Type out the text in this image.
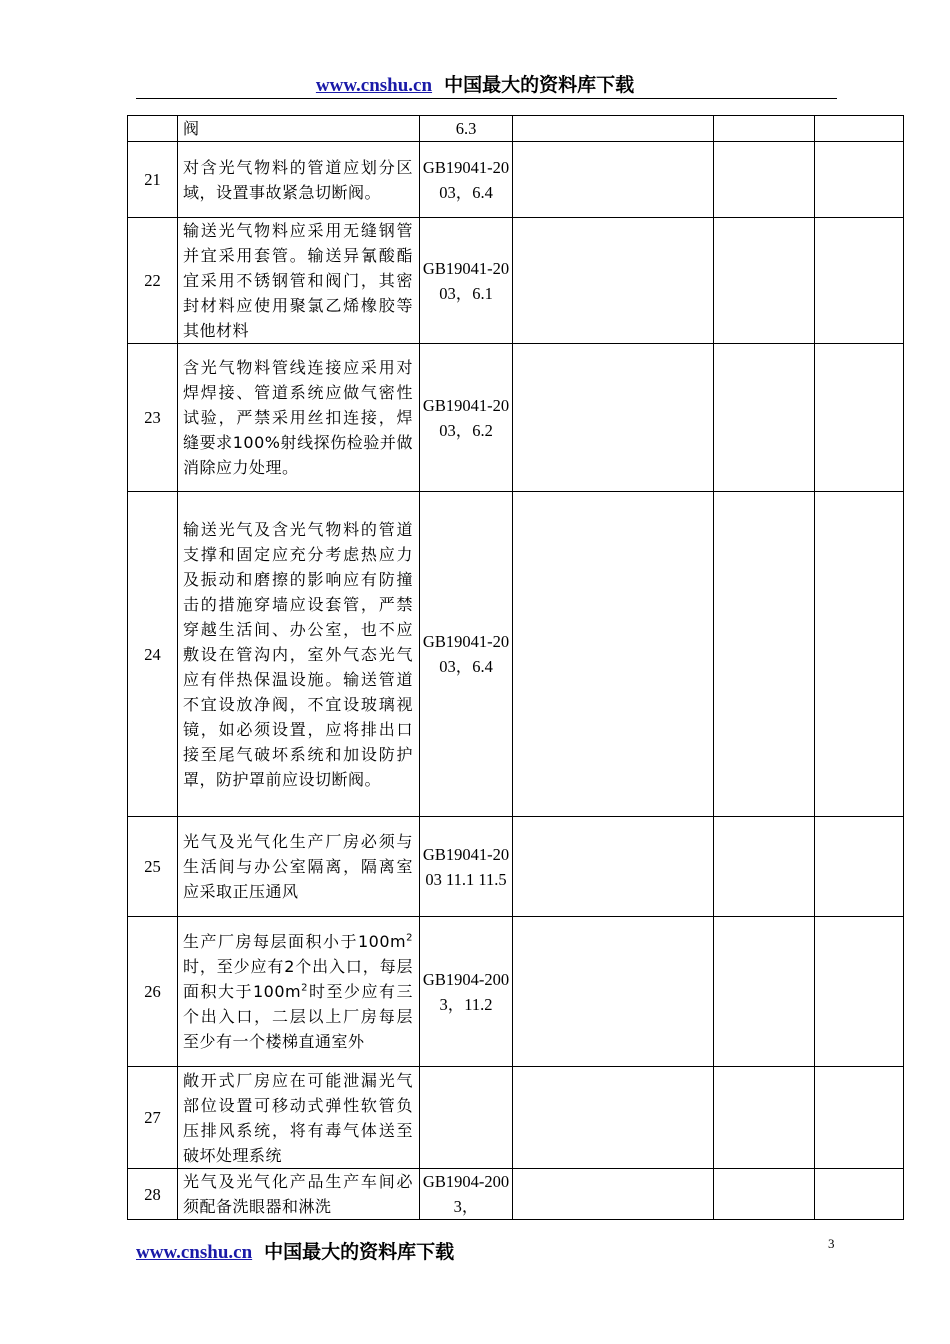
www.cnshu.cn 中国最大的资料库下载
	阀	6.3			
21	对含光气物料的管道应划分区域，设置事故紧急切断阀。	GB19041-2003，6.4			
22	输送光气物料应采用无缝钢管并宜采用套管。输送异氰酸酯宜采用不锈钢管和阀门，其密封材料应使用聚氯乙烯橡胶等其他材料	GB19041-2003，6.1			
23	含光气物料管线连接应采用对焊焊接、管道系统应做气密性试验，严禁采用丝扣连接，焊缝要求100%射线探伤检验并做消除应力处理。	GB19041-2003，6.2			
24	输送光气及含光气物料的管道支撑和固定应充分考虑热应力及振动和磨擦的影响应有防撞击的措施穿墙应设套管，严禁穿越生活间、办公室，也不应敷设在管沟内，室外气态光气应有伴热保温设施。输送管道不宜设放净阀，不宜设玻璃视镜，如必须设置，应将排出口接至尾气破坏系统和加设防护罩，防护罩前应设切断阀。	GB19041-2003，6.4			
25	光气及光气化生产厂房必须与生活间与办公室隔离，隔离室应采取正压通风	GB19041-2003 11.1 11.5			
26	生产厂房每层面积小于$100m^2$时，至少应有2个出入口，每层面积大于$100m^2$时至少应有三个出入口，二层以上厂房每层至少有一个楼梯直通室外	GB1904-2003，11.2			
27	敞开式厂房应在可能泄漏光气部位设置可移动式弹性软管负压排风系统，将有毒气体送至破坏处理系统				
28	光气及光气化产品生产车间必须配备洗眼器和淋洗	GB1904-2003，			
www.cnshu.cn 中国最大的资料库下载	3
